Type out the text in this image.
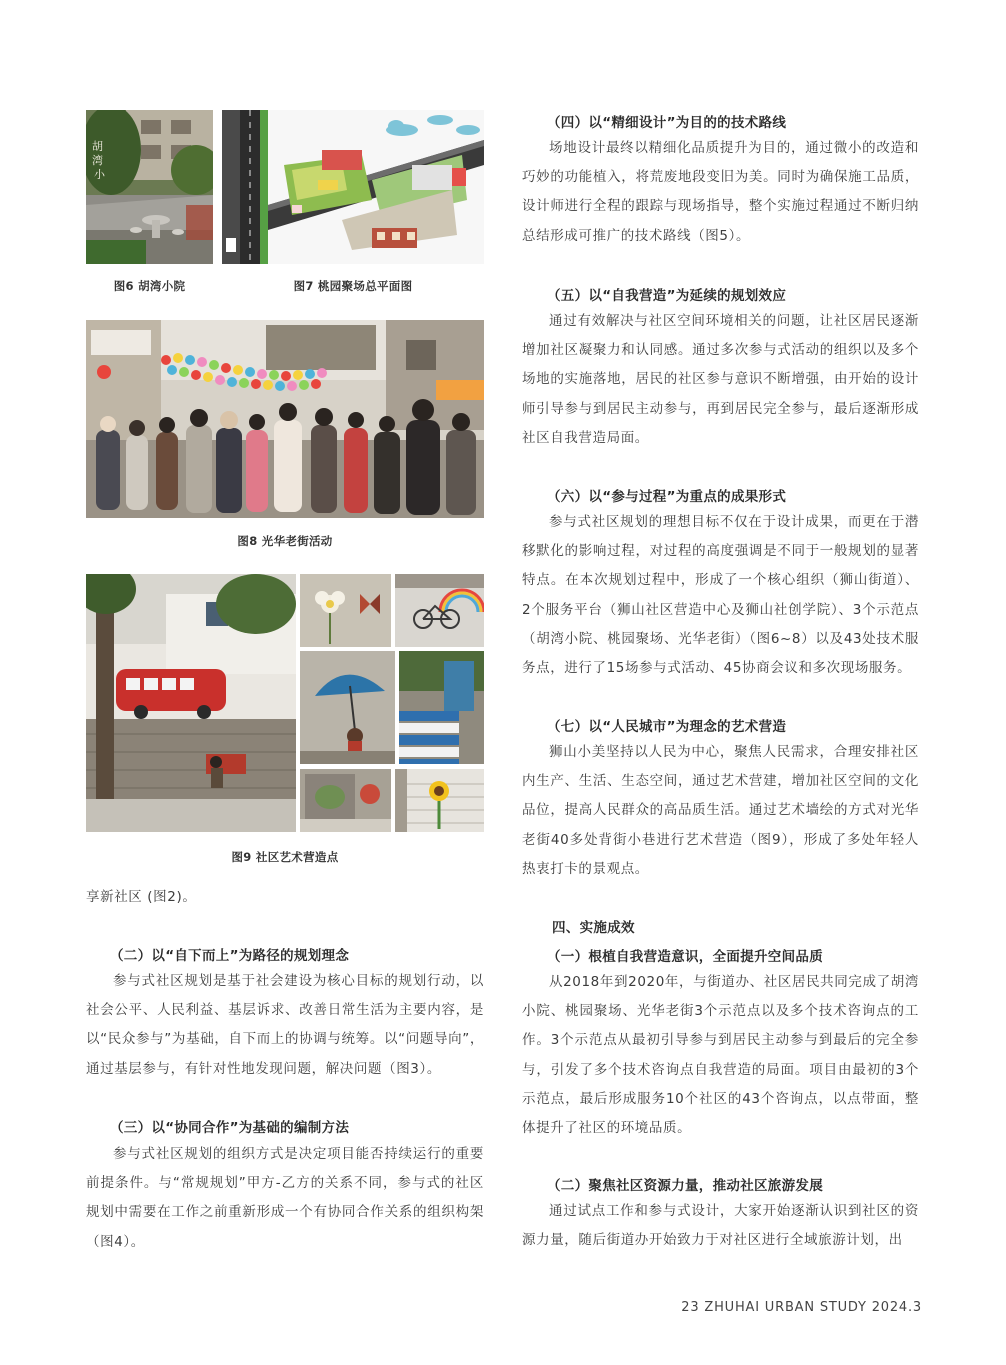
胡
湾
小
图6 胡湾小院	图7 桃园聚场总平面图
图8 光华老街活动
图9 社区艺术营造点
享新社区 (图2)。
（二）以“自下而上”为路径的规划理念

参与式社区规划是基于社会建设为核心目标的规划行动，以社会公平、人民利益、基层诉求、改善日常生活为主要内容，是以“民众参与”为基础，自下而上的协调与统筹。以“问题导向”，通过基层参与，有针对性地发现问题，解决问题（图3）。

（三）以“协同合作”为基础的编制方法

参与式社区规划的组织方式是决定项目能否持续运行的重要前提条件。与“常规规划”甲方-乙方的关系不同，参与式的社区规划中需要在工作之前重新形成一个有协同合作关系的组织构架（图4）。

（四）以“精细设计”为目的的技术路线

场地设计最终以精细化品质提升为目的，通过微小的改造和巧妙的功能植入，将荒废地段变旧为美。同时为确保施工品质，设计师进行全程的跟踪与现场指导，整个实施过程通过不断归纳总结形成可推广的技术路线（图5）。

（五）以“自我营造”为延续的规划效应

通过有效解决与社区空间环境相关的问题，让社区居民逐渐增加社区凝聚力和认同感。通过多次参与式活动的组织以及多个场地的实施落地，居民的社区参与意识不断增强，由开始的设计师引导参与到居民主动参与，再到居民完全参与，最后逐渐形成社区自我营造局面。

（六）以“参与过程”为重点的成果形式

参与式社区规划的理想目标不仅在于设计成果，而更在于潜移默化的影响过程，对过程的高度强调是不同于一般规划的显著特点。在本次规划过程中，形成了一个核心组织（狮山街道）、2个服务平台（狮山社区营造中心及狮山社创学院）、3个示范点（胡湾小院、桃园聚场、光华老街）（图6~8）以及43处技术服务点，进行了15场参与式活动、45协商会议和多次现场服务。

（七）以“人民城市”为理念的艺术营造

狮山小美坚持以人民为中心，聚焦人民需求，合理安排社区内生产、生活、生态空间，通过艺术营建，增加社区空间的文化品位，提高人民群众的高品质生活。通过艺术墙绘的方式对光华老街40多处背街小巷进行艺术营造（图9），形成了多处年轻人热衷打卡的景观点。

四、实施成效
（一）根植自我营造意识，全面提升空间品质

从2018年到2020年，与街道办、社区居民共同完成了胡湾小院、桃园聚场、光华老街3个示范点以及多个技术咨询点的工作。3个示范点从最初引导参与到居民主动参与到最后的完全参与，引发了多个技术咨询点自我营造的局面。项目由最初的3个示范点，最后形成服务10个社区的43个咨询点，以点带面，整体提升了社区的环境品质。

（二）聚焦社区资源力量，推动社区旅游发展

通过试点工作和参与式设计，大家开始逐渐认识到社区的资源力量，随后街道办开始致力于对社区进行全域旅游计划，出

23 ZHUHAI URBAN STUDY 2024.3
